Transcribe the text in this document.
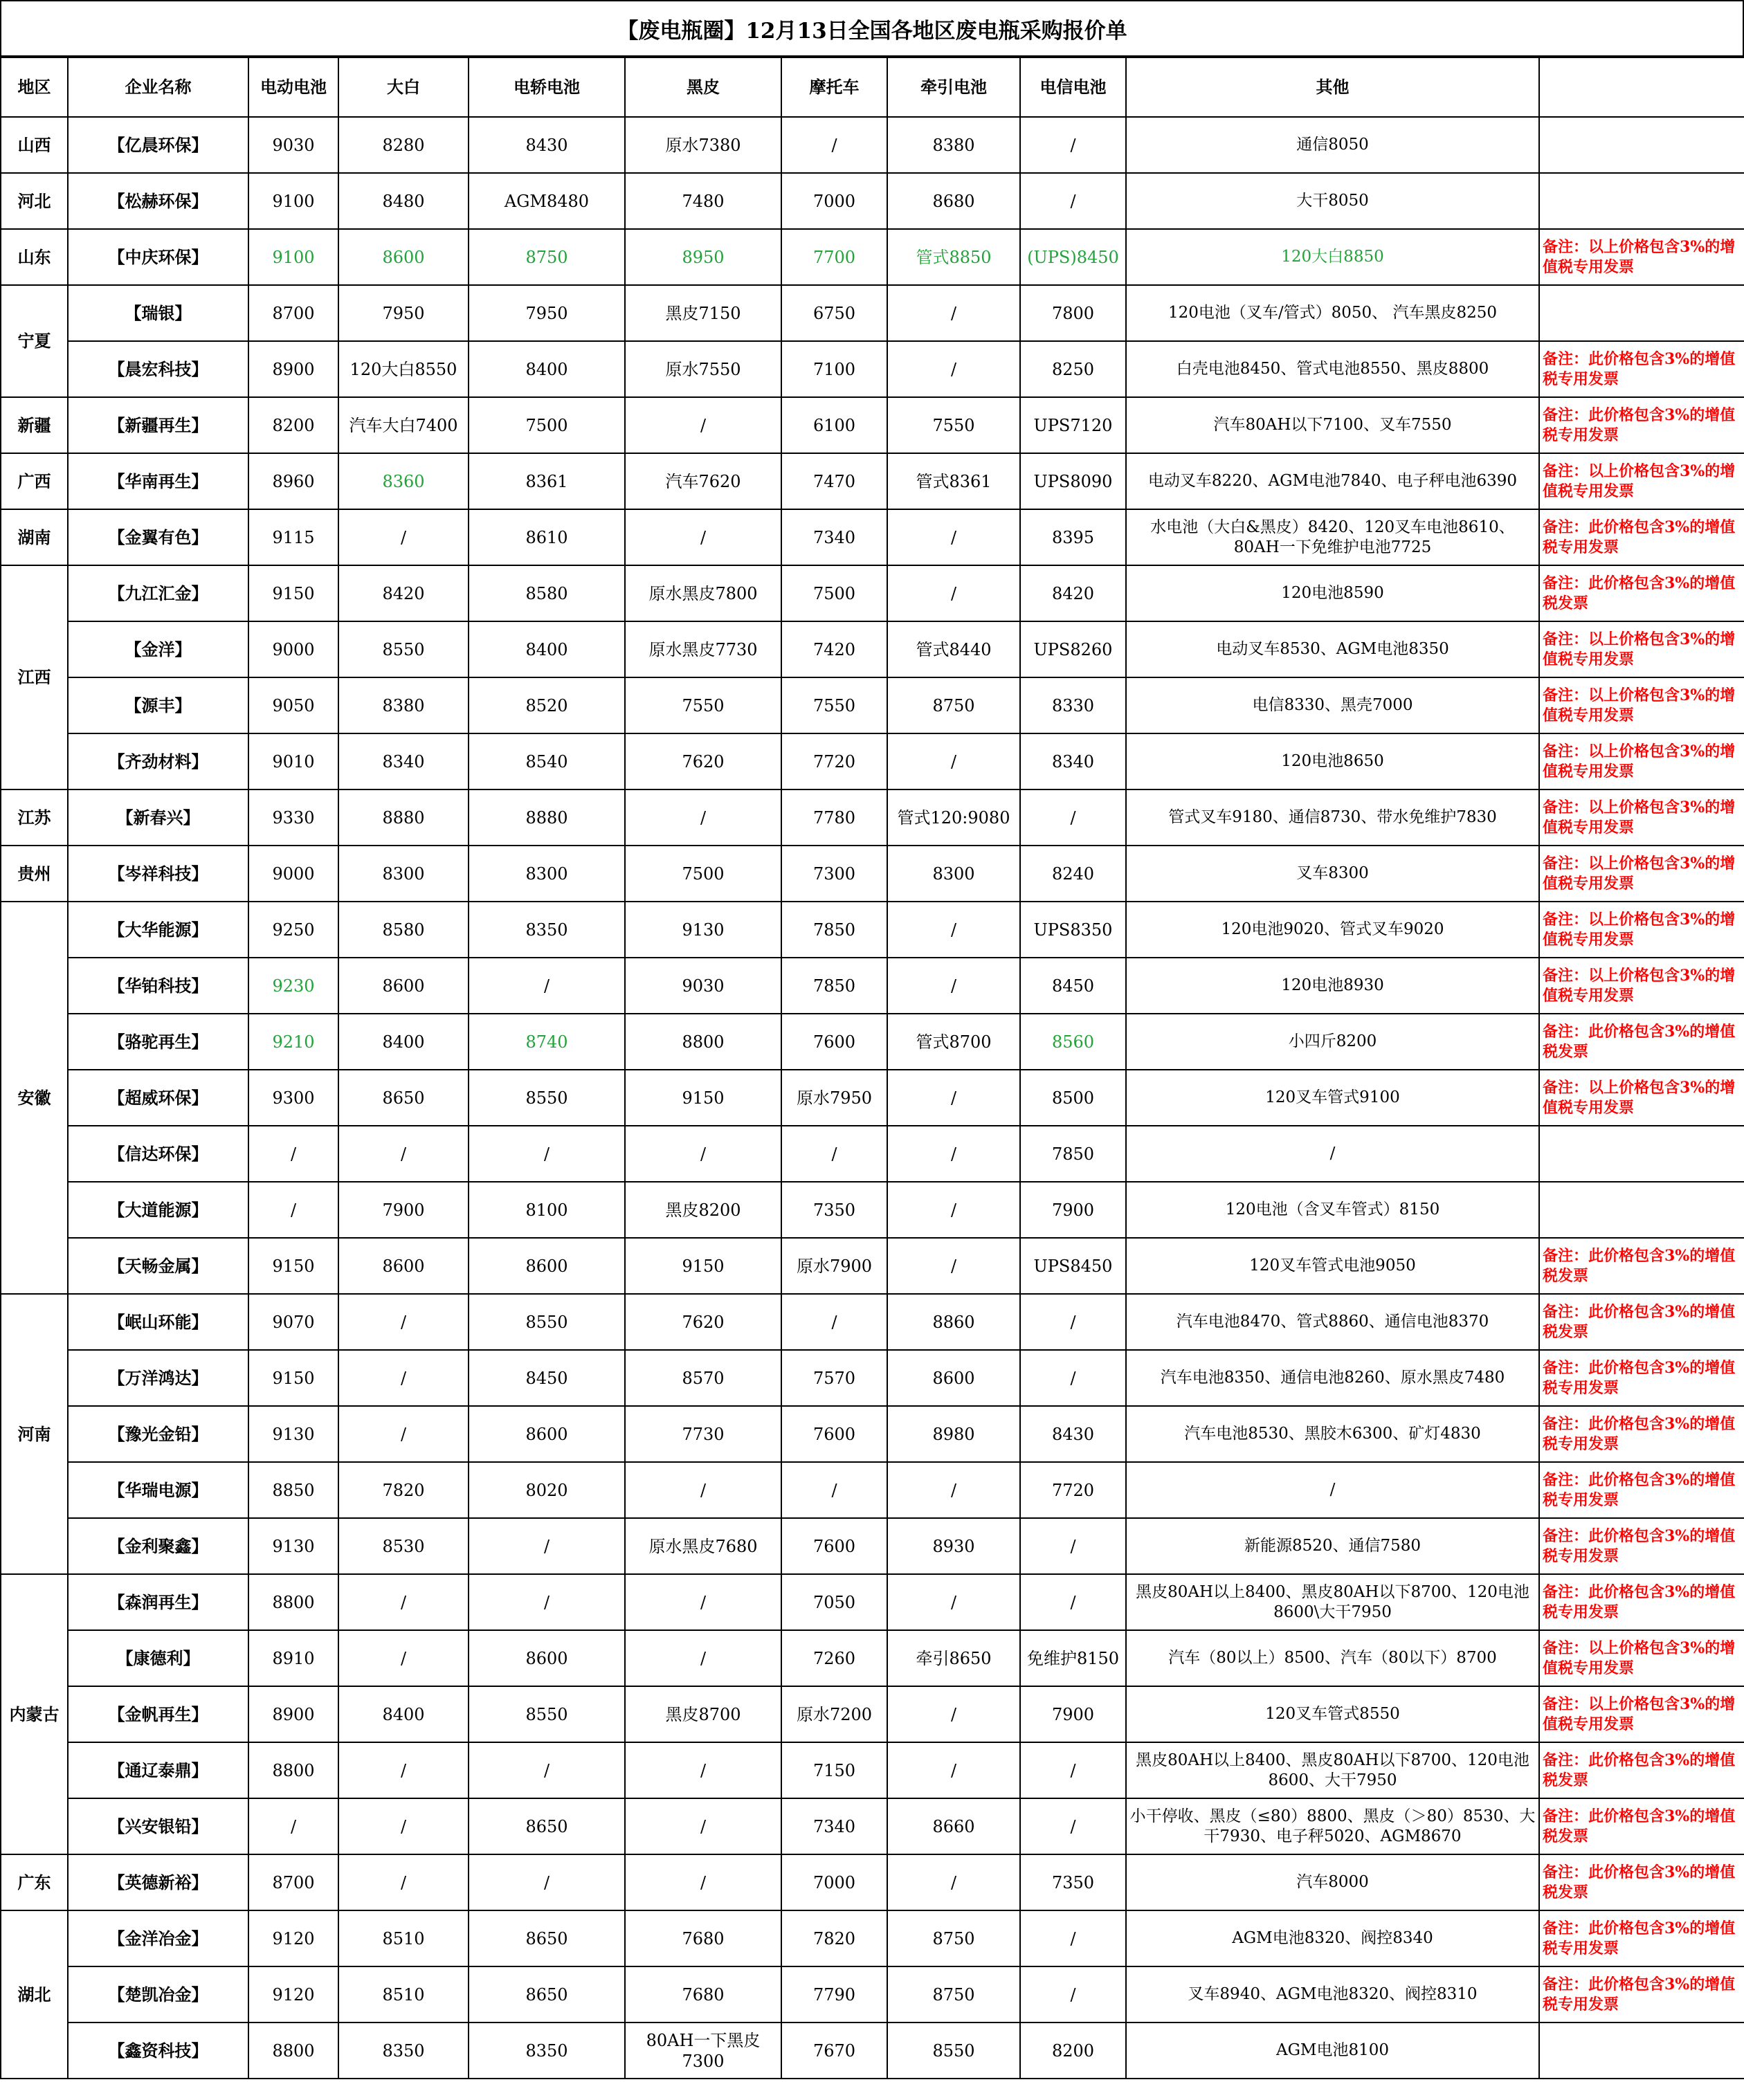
【废电瓶圈】12月13日全国各地区废电瓶采购报价单
地区	企业名称	电动电池	大白	电轿电池	黑皮	摩托车	牵引电池	电信电池	其他	
山西	【亿晨环保】	9030	8280	8430	原水7380	/	8380	/	通信8050	
河北	【松赫环保】	9100	8480	AGM8480	7480	7000	8680	/	大干8050	
山东	【中庆环保】	9100	8600	8750	8950	7700	管式8850	(UPS)8450	120大白8850	备注：以上价格包含3%的增值税专用发票
宁夏	【瑞银】	8700	7950	7950	黑皮7150	6750	/	7800	120电池（叉车/管式）8050、 汽车黑皮8250	
	【晨宏科技】	8900	120大白8550	8400	原水7550	7100	/	8250	白壳电池8450、管式电池8550、黑皮8800	备注：此价格包含3%的增值税专用发票
新疆	【新疆再生】	8200	汽车大白7400	7500	/	6100	7550	UPS7120	汽车80AH以下7100、叉车7550	备注：此价格包含3%的增值税专用发票
广西	【华南再生】	8960	8360	8361	汽车7620	7470	管式8361	UPS8090	电动叉车8220、AGM电池7840、电子秤电池6390	备注：以上价格包含3%的增值税专用发票
湖南	【金翼有色】	9115	/	8610	/	7340	/	8395	水电池（大白&黑皮）8420、120叉车电池8610、80AH一下免维护电池7725	备注：此价格包含3%的增值税专用发票
江西	【九江汇金】	9150	8420	8580	原水黑皮7800	7500	/	8420	120电池8590	备注：此价格包含3%的增值税发票
	【金洋】	9000	8550	8400	原水黑皮7730	7420	管式8440	UPS8260	电动叉车8530、AGM电池8350	备注：以上价格包含3%的增值税专用发票
	【源丰】	9050	8380	8520	7550	7550	8750	8330	电信8330、黑壳7000	备注：以上价格包含3%的增值税专用发票
	【齐劲材料】	9010	8340	8540	7620	7720	/	8340	120电池8650	备注：以上价格包含3%的增值税专用发票
江苏	【新春兴】	9330	8880	8880	/	7780	管式120:9080	/	管式叉车9180、通信8730、带水免维护7830	备注：以上价格包含3%的增值税专用发票
贵州	【岑祥科技】	9000	8300	8300	7500	7300	8300	8240	叉车8300	备注：以上价格包含3%的增值税专用发票
安徽	【大华能源】	9250	8580	8350	9130	7850	/	UPS8350	120电池9020、管式叉车9020	备注：以上价格包含3%的增值税专用发票
	【华铂科技】	9230	8600	/	9030	7850	/	8450	120电池8930	备注：以上价格包含3%的增值税专用发票
	【骆驼再生】	9210	8400	8740	8800	7600	管式8700	8560	小四斤8200	备注：此价格包含3%的增值税发票
	【超威环保】	9300	8650	8550	9150	原水7950	/	8500	120叉车管式9100	备注：以上价格包含3%的增值税专用发票
	【信达环保】	/	/	/	/	/	/	7850	/	
	【大道能源】	/	7900	8100	黑皮8200	7350	/	7900	120电池（含叉车管式）8150	
	【天畅金属】	9150	8600	8600	9150	原水7900	/	UPS8450	120叉车管式电池9050	备注：此价格包含3%的增值税发票
河南	【岷山环能】	9070	/	8550	7620	/	8860	/	汽车电池8470、管式8860、通信电池8370	备注：此价格包含3%的增值税发票
	【万洋鸿达】	9150	/	8450	8570	7570	8600	/	汽车电池8350、通信电池8260、原水黑皮7480	备注：此价格包含3%的增值税专用发票
	【豫光金铅】	9130	/	8600	7730	7600	8980	8430	汽车电池8530、黑胶木6300、矿灯4830	备注：此价格包含3%的增值税专用发票
	【华瑞电源】	8850	7820	8020	/	/	/	7720	/	备注：此价格包含3%的增值税专用发票
	【金利聚鑫】	9130	8530	/	原水黑皮7680	7600	8930	/	新能源8520、通信7580	备注：此价格包含3%的增值税专用发票
内蒙古	【森润再生】	8800	/	/	/	7050	/	/	黑皮80AH以上8400、黑皮80AH以下8700、120电池8600\大干7950	备注：此价格包含3%的增值税专用发票
	【康德利】	8910	/	8600	/	7260	牵引8650	免维护8150	汽车（80以上）8500、汽车（80以下）8700	备注：以上价格包含3%的增值税专用发票
	【金帆再生】	8900	8400	8550	黑皮8700	原水7200	/	7900	120叉车管式8550	备注：以上价格包含3%的增值税专用发票
	【通辽泰鼎】	8800	/	/	/	7150	/	/	黑皮80AH以上8400、黑皮80AH以下8700、120电池8600、大干7950	备注：此价格包含3%的增值税发票
	【兴安银铅】	/	/	8650	/	7340	8660	/	小干停收、黑皮（≤80）8800、黑皮（＞80）8530、大干7930、电子秤5020、AGM8670	备注：此价格包含3%的增值税发票
广东	【英德新裕】	8700	/	/	/	7000	/	7350	汽车8000	备注：此价格包含3%的增值税发票
湖北	【金洋冶金】	9120	8510	8650	7680	7820	8750	/	AGM电池8320、阀控8340	备注：此价格包含3%的增值税专用发票
	【楚凯冶金】	9120	8510	8650	7680	7790	8750	/	叉车8940、AGM电池8320、阀控8310	备注：此价格包含3%的增值税专用发票
	【鑫资科技】	8800	8350	8350	80AH一下黑皮7300	7670	8550	8200	AGM电池8100	
